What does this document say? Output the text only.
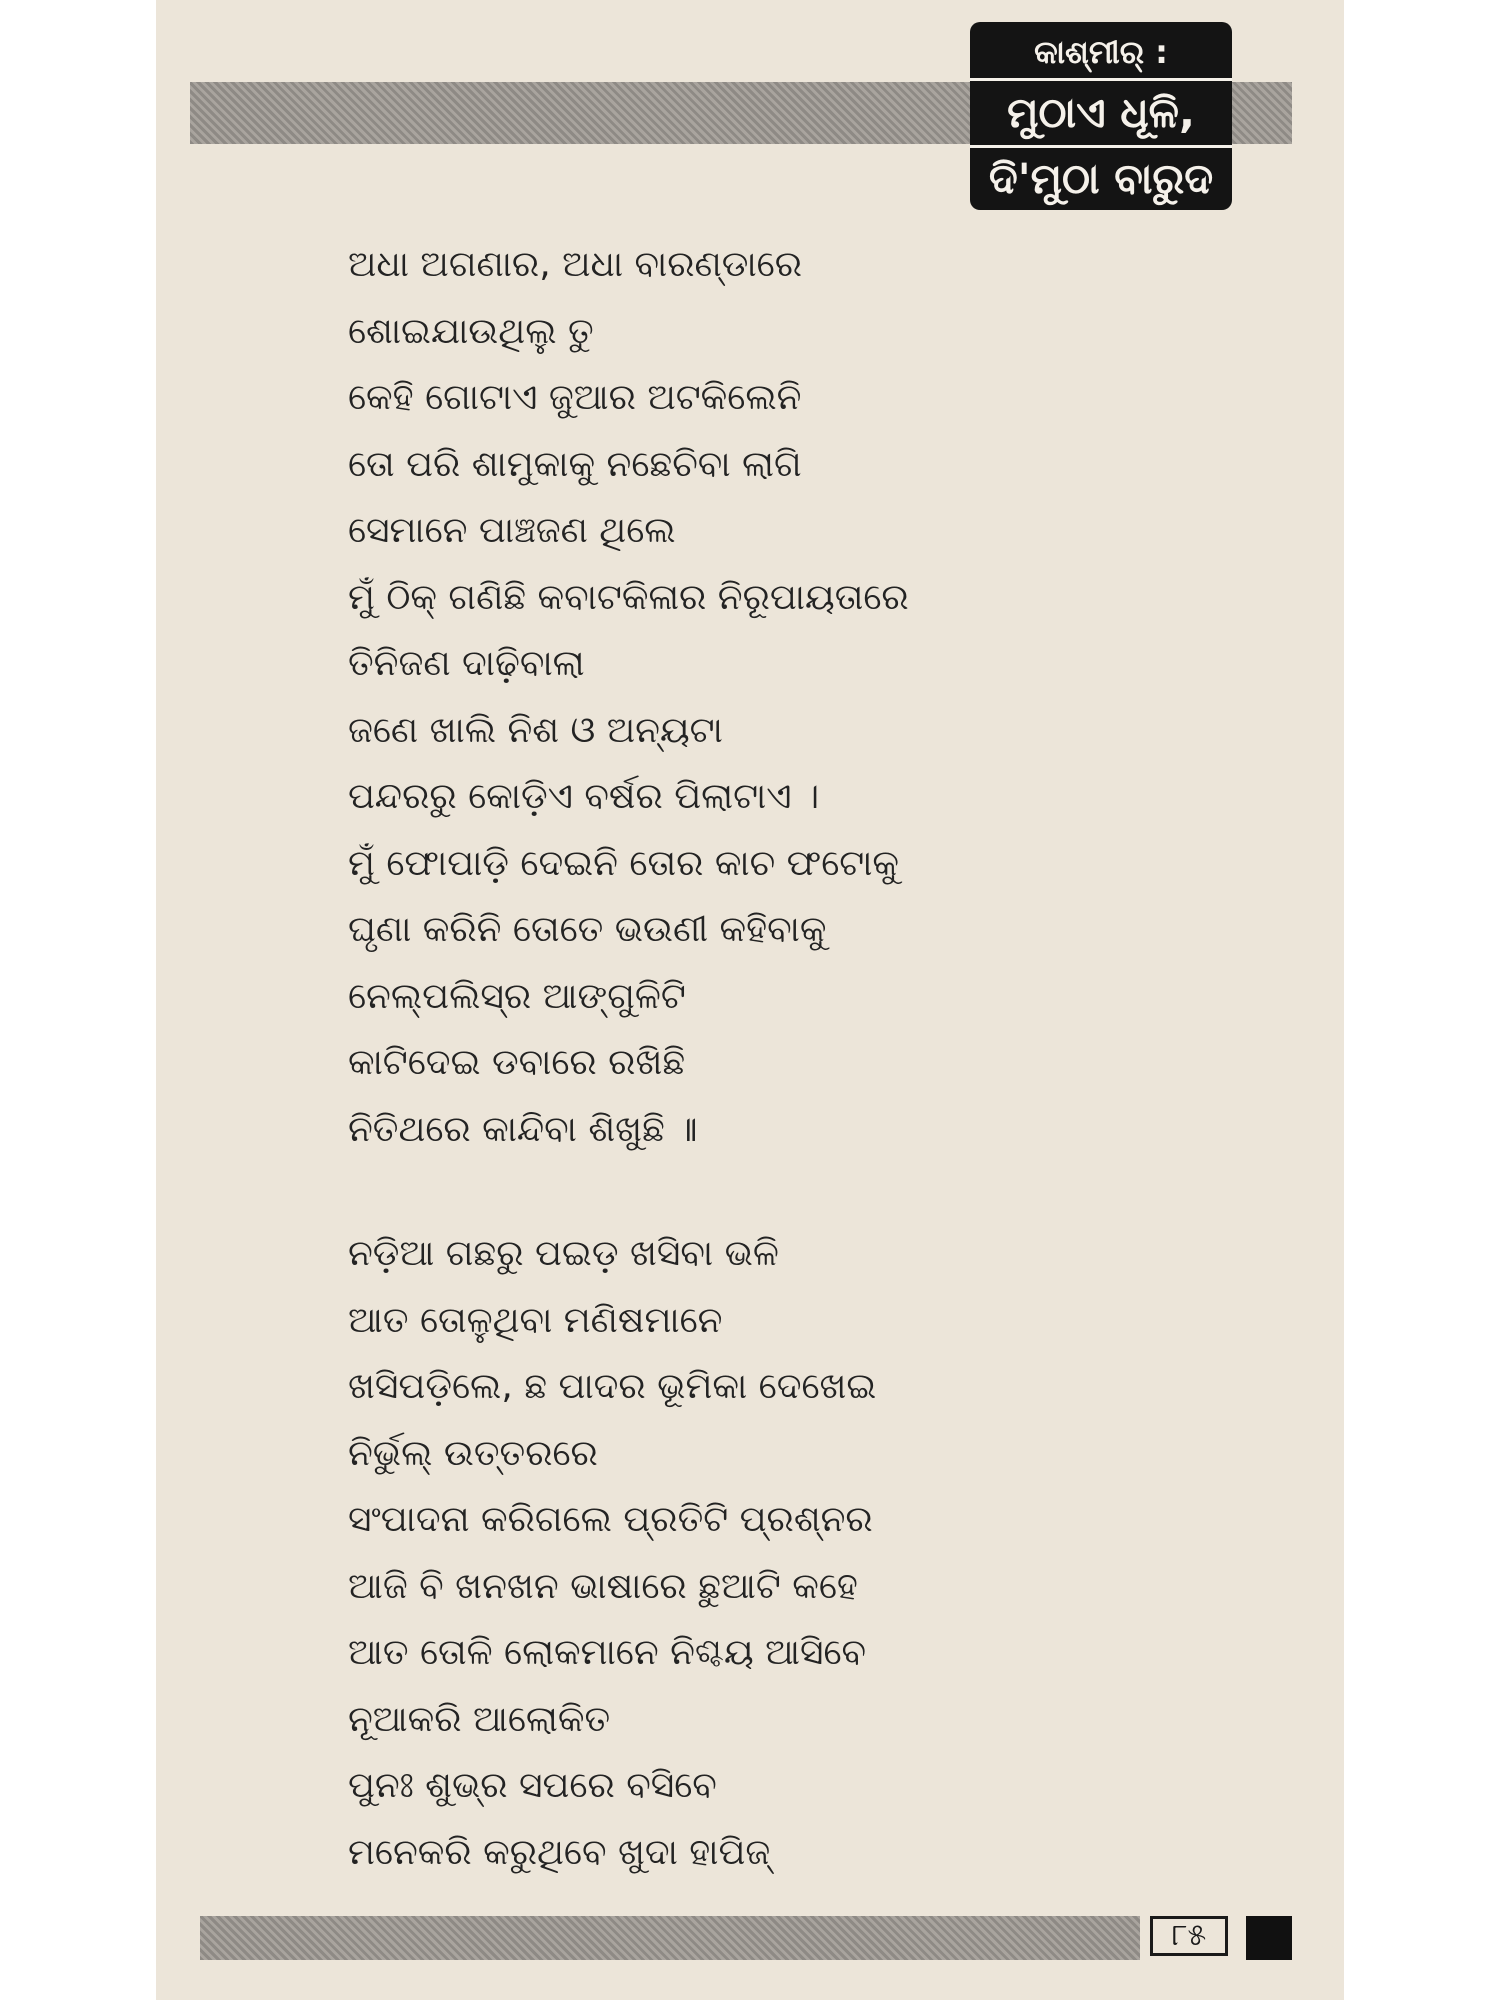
କାଶ୍ମୀର୍ :
ମୁଠାଏ ଧୂଳି,
ଦି'ମୁଠା ବାରୁଦ
ଅଧା ଅଗଣାର, ଅଧା ବାରଣ୍ଡାରେ
ଶୋଇଯାଉଥିଲୁ ତୁ
କେହି ଗୋଟାଏ ଜୁଆର ଅଟକିଲେନି
ତୋ ପରି ଶାମୁକାକୁ ନଛେଚିବା ଲାଗି
ସେମାନେ ପାଞ୍ଚଜଣ ଥିଲେ
ମୁଁ ଠିକ୍ ଗଣିଛି କବାଟକିଳାର ନିରୂପାୟତାରେ
ତିନିଜଣ ଦାଢ଼ିବାଲା
ଜଣେ ଖାଲି ନିଶ ଓ ଅନ୍ୟଟା
ପନ୍ଦରରୁ କୋଡ଼ିଏ ବର୍ଷର ପିଲାଟାଏ ।
ମୁଁ ଫୋପାଡ଼ି ଦେଇନି ତୋର କାଚ ଫଟୋକୁ
ଘୃଣା କରିନି ତୋତେ ଭଉଣୀ କହିବାକୁ
ନେଲ୍‌ପଲିସ୍‌ର ଆଙ୍ଗୁଳିଟି
କାଟିଦେଇ ଡବାରେ ରଖିଛି
ନିତିଥରେ କାନ୍ଦିବା ଶିଖୁଛି ॥
ନଡ଼ିଆ ଗଛରୁ ପଇଡ଼ ଖସିବା ଭଳି
ଆତ ତୋଳୁଥିବା ମଣିଷମାନେ
ଖସିପଡ଼ିଲେ, ଛ ପାଦର ଭୂମିକା ଦେଖେଇ
ନିର୍ଭୁଲ୍ ଉତ୍ତରରେ
ସଂପାଦନା କରିଗଲେ ପ୍ରତିଟି ପ୍ରଶ୍ନର
ଆଜି ବି ଖନଖନ ଭାଷାରେ ଛୁଆଟି କହେ
ଆତ ତୋଳି ଲୋକମାନେ ନିଶ୍ଚୟ ଆସିବେ
ନୂଆକରି ଆଲୋକିତ
ପୁନଃ ଶୁଭ୍ର ସପରେ ବସିବେ
ମନେକରି କରୁଥିବେ ଖୁଦା ହାପିଜ୍
୮୫
